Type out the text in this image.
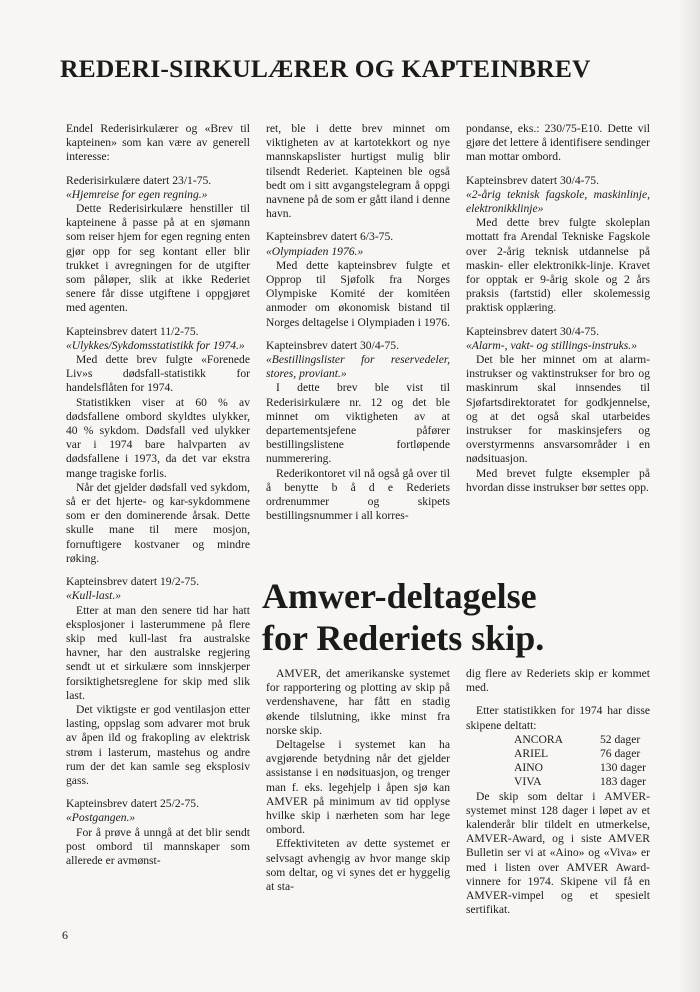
REDERI-SIRKULÆRER OG KAPTEINBREV

Endel Rederisirkulærer og «Brev til kapteinen» som kan være av generell interesse:

Rederisirkulære datert 23/1-75.
«Hjemreise for egen regning.»

Dette Rederisirkulære henstiller til kapteinene å passe på at en sjømann som reiser hjem for egen regning enten gjør opp for seg kontant eller blir trukket i avregningen for de utgifter som påløper, slik at ikke Rederiet senere får disse utgiftene i oppgjøret med agenten.

Kapteinsbrev datert 11/2-75.
«Ulykkes/Sykdomsstatistikk for 1974.»

Med dette brev fulgte «Forenede Liv»s dødsfall-statistikk for handelsflåten for 1974.

Statistikken viser at 60 % av dødsfallene ombord skyldtes ulykker, 40 % sykdom. Dødsfall ved ulykker var i 1974 bare halvparten av dødsfallene i 1973, da det var ekstra mange tragiske forlis.

Når det gjelder dødsfall ved sykdom, så er det hjerte- og kar-sykdommene som er den dominerende årsak. Dette skulle mane til mere mosjon, fornuftigere kostvaner og mindre røking.

Kapteinsbrev datert 19/2-75.
«Kull-last.»

Etter at man den senere tid har hatt eksplosjoner i lasterummene på flere skip med kull-last fra australske havner, har den australske regjering sendt ut et sirkulære som innskjerper forsiktighetsreglene for skip med slik last.

Det viktigste er god ventilasjon etter lasting, oppslag som advarer mot bruk av åpen ild og frakopling av elektrisk strøm i lasterum, mastehus og andre rum der det kan samle seg eksplosiv gass.

Kapteinsbrev datert 25/2-75.
«Postgangen.»

For å prøve å unngå at det blir sendt post ombord til mannskaper som allerede er avmønst-

ret, ble i dette brev minnet om viktigheten av at kartotekkort og nye mannskapslister hurtigst mulig blir tilsendt Rederiet. Kapteinen ble også bedt om i sitt avgangstelegram å oppgi navnene på de som er gått iland i denne havn.

Kapteinsbrev datert 6/3-75.
«Olympiaden 1976.»

Med dette kapteinsbrev fulgte et Opprop til Sjøfolk fra Norges Olympiske Komité der komitéen anmoder om økonomisk bistand til Norges deltagelse i Olympiaden i 1976.

Kapteinsbrev datert 30/4-75.
«Bestillingslister for reservedeler, stores, proviant.»

I dette brev ble vist til Rederisirkulære nr. 12 og det ble minnet om viktigheten av at departementsjefene påfører bestillingslistene fortløpende nummerering.

Rederikontoret vil nå også gå over til å benytte b å d e Rederiets ordrenummer og skipets bestillingsnummer i all korres-

pondanse, eks.: 230/75-E10. Dette vil gjøre det lettere å identifisere sendinger man mottar ombord.

Kapteinsbrev datert 30/4-75.
«2-årig teknisk fagskole, maskinlinje, elektronikklinje»

Med dette brev fulgte skoleplan mottatt fra Arendal Tekniske Fagskole over 2-årig teknisk utdannelse på maskin- eller elektronikk-linje. Kravet for opptak er 9-årig skole og 2 års praksis (fartstid) eller skolemessig praktisk opplæring.

Kapteinsbrev datert 30/4-75.
«Alarm-, vakt- og stillings-instruks.»

Det ble her minnet om at alarm-instrukser og vaktinstrukser for bro og maskinrum skal innsendes til Sjøfartsdirektoratet for godkjennelse, og at det også skal utarbeides instrukser for maskinsjefers og overstyrmenns ansvarsområder i en nødsituasjon.

Med brevet fulgte eksempler på hvordan disse instrukser bør settes opp.

Amwer-deltagelse
for Rederiets skip.

AMVER, det amerikanske systemet for rapportering og plotting av skip på verdenshavene, har fått en stadig økende tilslutning, ikke minst fra norske skip.

Deltagelse i systemet kan ha avgjørende betydning når det gjelder assistanse i en nødsituasjon, og trenger man f. eks. legehjelp i åpen sjø kan AMVER på minimum av tid opplyse hvilke skip i nærheten som har lege ombord.

Effektiviteten av dette systemet er selvsagt avhengig av hvor mange skip som deltar, og vi synes det er hyggelig at sta-

dig flere av Rederiets skip er kommet med.

Etter statistikken for 1974 har disse skipene deltatt:

ANCORA	52 dager
ARIEL	76 dager
AINO	130 dager
VIVA	183 dager

De skip som deltar i AMVER-systemet minst 128 dager i løpet av et kalenderår blir tildelt en utmerkelse, AMVER-Award, og i siste AMVER Bulletin ser vi at «Aino» og «Viva» er med i listen over AMVER Award-vinnere for 1974. Skipene vil få en AMVER-vimpel og et spesielt sertifikat.

6
